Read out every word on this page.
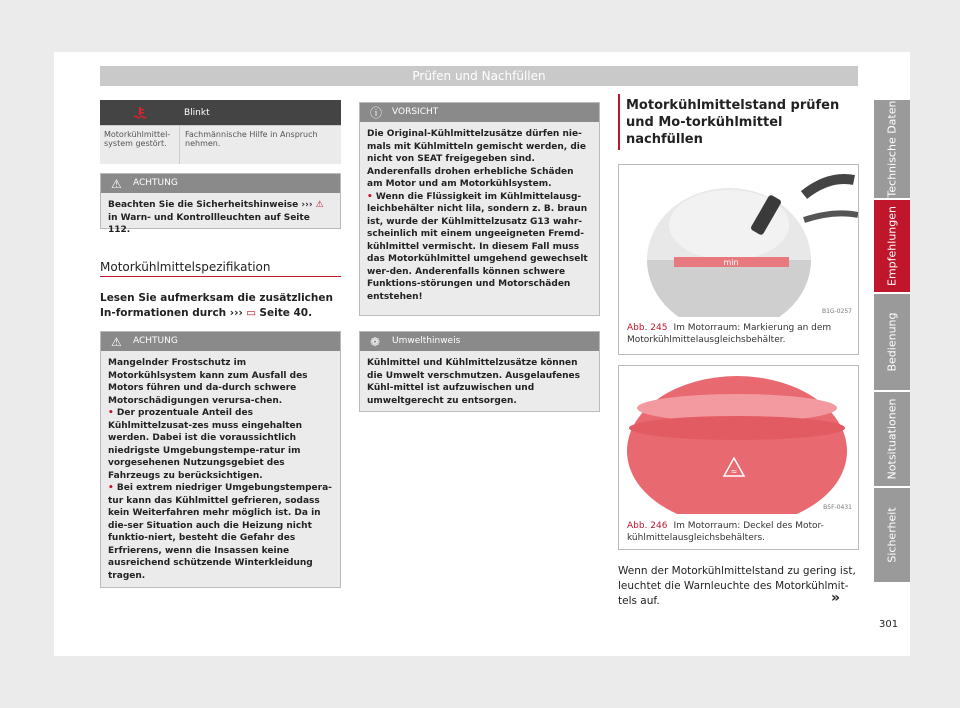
Prüfen und Nachfüllen
Blinkt
Motorkühlmittel-system gestört.
Fachmännische Hilfe in Anspruch nehmen.
⚠ ACHTUNG
Beachten Sie die Sicherheitshinweise ››› ⚠ in Warn- und Kontrollleuchten auf Seite 112.
Motorkühlmittelspezifikation
Lesen Sie aufmerksam die zusätzlichen In-formationen durch ››› ▭ Seite 40.
⚠ ACHTUNG

Mangelnder Frostschutz im Motorkühlsystem kann zum Ausfall des Motors führen und da-durch schwere Motorschädigungen verursa-chen.

• Der prozentuale Anteil des Kühlmittelzusat-zes muss eingehalten werden. Dabei ist die voraussichtlich niedrigste Umgebungstempe-ratur im vorgesehenen Nutzungsgebiet des Fahrzeugs zu berücksichtigen.

• Bei extrem niedriger Umgebungstempera-tur kann das Kühlmittel gefrieren, sodass kein Weiterfahren mehr möglich ist. Da in die-ser Situation auch die Heizung nicht funktio-niert, besteht die Gefahr des Erfrierens, wenn die Insassen keine ausreichend schützende Winterkleidung tragen.

ⓘ VORSICHT

Die Original-Kühlmittelzusätze dürfen nie-mals mit Kühlmitteln gemischt werden, die nicht von SEAT freigegeben sind. Anderenfalls drohen erhebliche Schäden am Motor und am Motorkühlsystem.

• Wenn die Flüssigkeit im Kühlmittelausg-leichbehälter nicht lila, sondern z. B. braun ist, wurde der Kühlmittelzusatz G13 wahr-scheinlich mit einem ungeeigneten Fremd-kühlmittel vermischt. In diesem Fall muss das Motorkühlmittel umgehend gewechselt wer-den. Anderenfalls können schwere Funktions-störungen und Motorschäden entstehen!

❁ Umwelthinweis
Kühlmittel und Kühlmittelzusätze können die Umwelt verschmutzen. Ausgelaufenes Kühl-mittel ist aufzuwischen und umweltgerecht zu entsorgen.
Motorkühlmittelstand prüfen und Mo-torkühlmittel nachfüllen
min
B1G-0257
Abb. 245 Im Motorraum: Markierung an dem Motorkühlmittelausgleichsbehälter.
≈
B5F-0431
Abb. 246 Im Motorraum: Deckel des Motor-kühlmittelausgleichsbehälters.
Wenn der Motorkühlmittelstand zu gering ist, leuchtet die Warnleuchte des Motorkühlmit-tels auf.	»
Technische Daten
Empfehlungen
Bedienung
Notsituationen
Sicherheit
301
